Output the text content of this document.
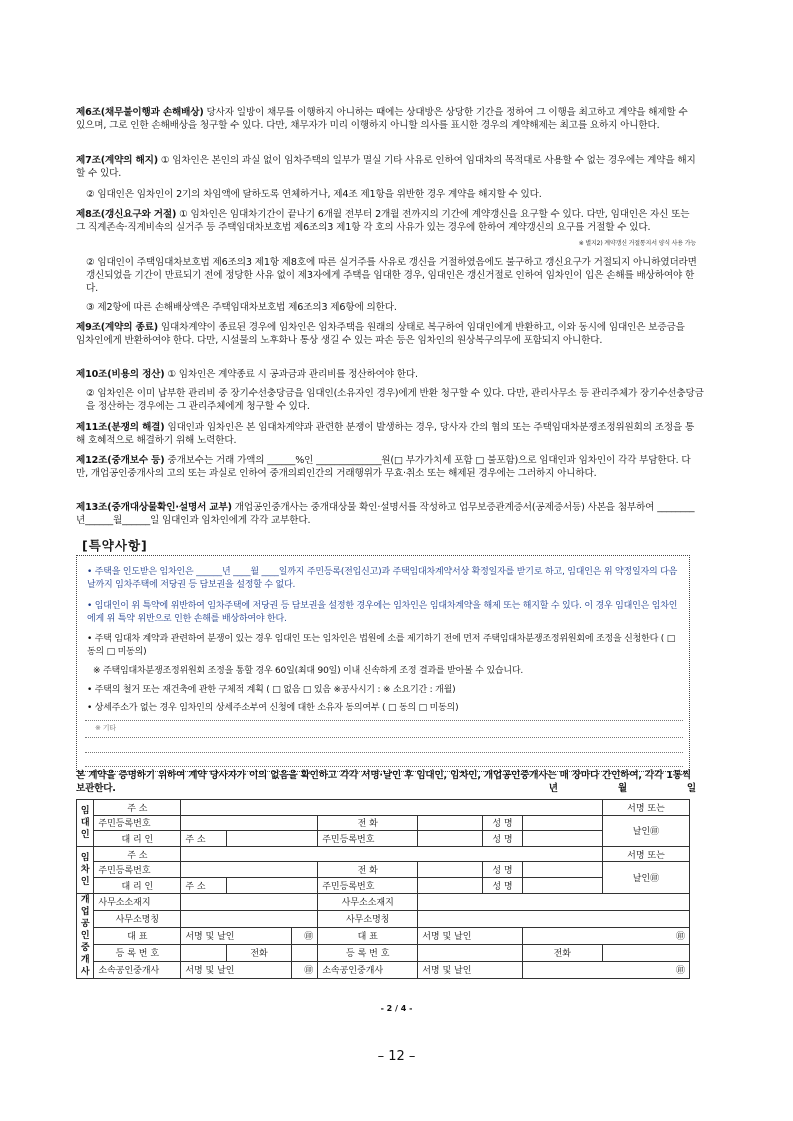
제6조(채무불이행과 손해배상) 당사자 일방이 채무를 이행하지 아니하는 때에는 상대방은 상당한 기간을 정하여 그 이행을 최고하고 계약을 해제할 수 있으며, 그로 인한 손해배상을 청구할 수 있다. 다만, 채무자가 미리 이행하지 아니할 의사를 표시한 경우의 계약해제는 최고를 요하지 아니한다.
제7조(계약의 해지) ① 임차인은 본인의 과실 없이 임차주택의 일부가 멸실 기타 사유로 인하여 임대차의 목적대로 사용할 수 없는 경우에는 계약을 해지할 수 있다.
② 임대인은 임차인이 2기의 차임액에 달하도록 연체하거나, 제4조 제1항을 위반한 경우 계약을 해지할 수 있다.
제8조(갱신요구와 거절) ① 임차인은 임대차기간이 끝나기 6개월 전부터 2개월 전까지의 기간에 계약갱신을 요구할 수 있다. 다만, 임대인은 자신 또는 그 직계존속·직계비속의 실거주 등 주택임대차보호법 제6조의3 제1항 각 호의 사유가 있는 경우에 한하여 계약갱신의 요구를 거절할 수 있다.
※ 별지2) 계약갱신 거절통지서 양식 사용 가능
② 임대인이 주택임대차보호법 제6조의3 제1항 제8호에 따른 실거주를 사유로 갱신을 거절하였음에도 불구하고 갱신요구가 거절되지 아니하였더라면 갱신되었을 기간이 만료되기 전에 정당한 사유 없이 제3자에게 주택을 임대한 경우, 임대인은 갱신거절로 인하여 임차인이 입은 손해를 배상하여야 한다.
③ 제2항에 따른 손해배상액은 주택임대차보호법 제6조의3 제6항에 의한다.
제9조(계약의 종료) 임대차계약이 종료된 경우에 임차인은 임차주택을 원래의 상태로 복구하여 임대인에게 반환하고, 이와 동시에 임대인은 보증금을 임차인에게 반환하여야 한다. 다만, 시설물의 노후화나 통상 생길 수 있는 파손 등은 임차인의 원상복구의무에 포함되지 아니한다.
제10조(비용의 정산) ① 임차인은 계약종료 시 공과금과 관리비를 정산하여야 한다.
② 임차인은 이미 납부한 관리비 중 장기수선충당금을 임대인(소유자인 경우)에게 반환 청구할 수 있다. 다만, 관리사무소 등 관리주체가 장기수선충당금을 정산하는 경우에는 그 관리주체에게 청구할 수 있다.
제11조(분쟁의 해결) 임대인과 임차인은 본 임대차계약과 관련한 분쟁이 발생하는 경우, 당사자 간의 협의 또는 주택임대차분쟁조정위원회의 조정을 통해 호혜적으로 해결하기 위해 노력한다.
제12조(중개보수 등) 중개보수는 거래 가액의 ______%인 ______________원(□ 부가가치세 포함 □ 불포함)으로 임대인과 임차인이 각각 부담한다. 다만, 개업공인중개사의 고의 또는 과실로 인하여 중개의뢰인간의 거래행위가 무효·취소 또는 해제된 경우에는 그러하지 아니하다.
제13조(중개대상물확인·설명서 교부) 개업공인중개사는 중개대상물 확인·설명서를 작성하고 업무보증관계증서(공제증서등) 사본을 첨부하여 ________년______월______일 임대인과 임차인에게 각각 교부한다.
[특약사항]
• 주택을 인도받은 임차인은 ______년 ____월 ____일까지 주민등록(전입신고)과 주택임대차계약서상 확정일자를 받기로 하고, 임대인은 위 약정일자의 다음날까지 임차주택에 저당권 등 담보권을 설정할 수 없다.
• 임대인이 위 특약에 위반하여 임차주택에 저당권 등 담보권을 설정한 경우에는 임차인은 임대차계약을 해제 또는 해지할 수 있다. 이 경우 임대인은 임차인에게 위 특약 위반으로 인한 손해를 배상하여야 한다.
• 주택 임대차 계약과 관련하여 분쟁이 있는 경우 임대인 또는 임차인은 법원에 소를 제기하기 전에 먼저 주택임대차분쟁조정위원회에 조정을 신청한다 ( □ 동의 □ 미동의)
※ 주택임대차분쟁조정위원회 조정을 통할 경우 60일(최대 90일) 이내 신속하게 조정 결과를 받아볼 수 있습니다.
• 주택의 철거 또는 재건축에 관한 구체적 계획 ( □ 없음 □ 있음 ※공사시기 : ※ 소요기간 : 개월)
• 상세주소가 없는 경우 임차인의 상세주소부여 신청에 대한 소유자 동의여부 ( □ 동의 □ 미동의)
※ 기타
본 계약을 증명하기 위하여 계약 당사자가 이의 없음을 확인하고 각각 서명·날인 후 임대인, 임차인, 개업공인중개사는 매 장마다 간인하여, 각각 1통씩 보관한다.	년	월	일
임대인	주 소								서명 또는
	주민등록번호				전 화		성 명		날인㊞
	대 리 인	주 소			주민등록번호		성 명		
임차인	주 소								서명 또는
	주민등록번호				전 화		성 명		날인㊞
	대 리 인	주 소			주민등록번호		성 명		
개업공인중개사	사무소소재지				사무소소재지				
	사무소명칭				사무소명칭				
	대 표	서명 및 날인		㊞	대 표	서명 및 날인		㊞	
	등 록 번 호		전화		등 록 번 호			전화	
	소속공인중개사	서명 및 날인		㊞	소속공인중개사	서명 및 날인		㊞	
- 2 / 4 -
– 12 –
